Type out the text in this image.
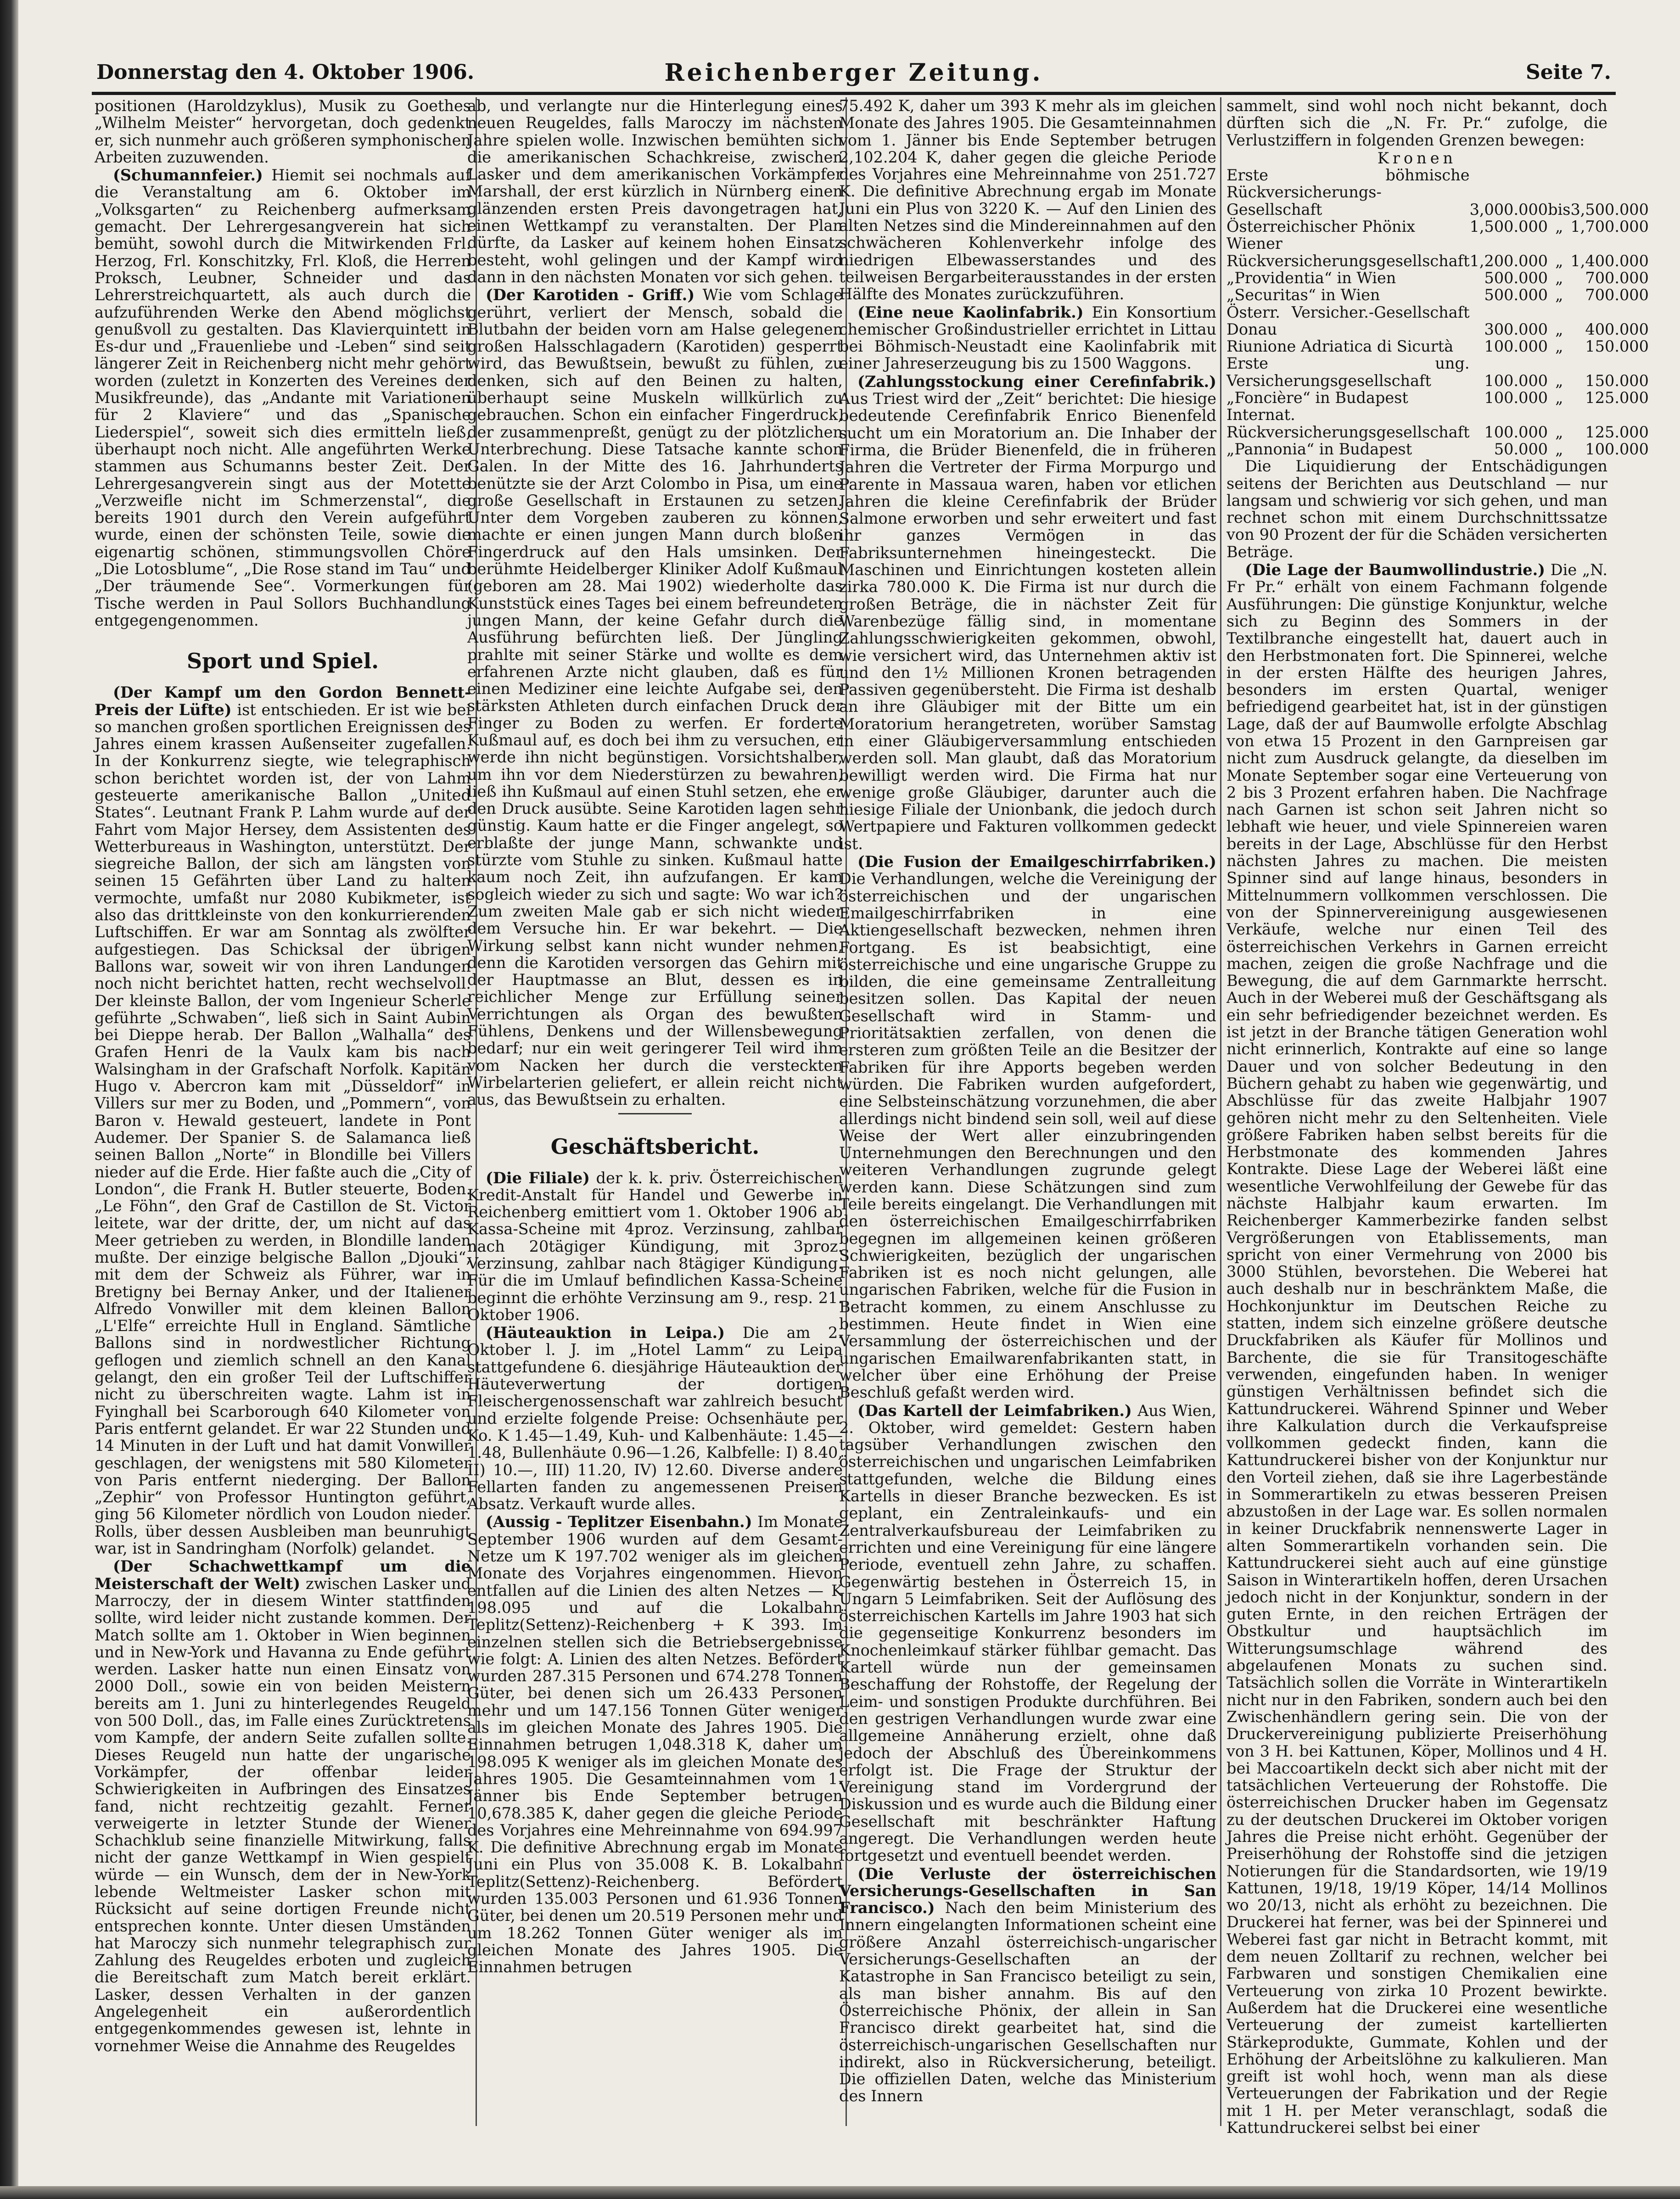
Donnerstag den 4. Oktober 1906.	Reichenberger Zeitung.	Seite 7.

positionen (Haroldzyklus), Musik zu Goethes „Wilhelm Meister“ hervorgetan, doch gedenkt er, sich nunmehr auch größeren symphonischen Arbeiten zuzuwenden.

(Schumannfeier.) Hiemit sei nochmals auf die Veranstaltung am 6. Oktober im „Volksgarten“ zu Reichenberg aufmerksam gemacht. Der Lehrergesangverein hat sich bemüht, sowohl durch die Mitwirkenden Frl. Herzog, Frl. Konschitzky, Frl. Kloß, die Herren Proksch, Leubner, Schneider und das Lehrerstreichquartett, als auch durch die aufzuführenden Werke den Abend möglichst genußvoll zu gestalten. Das Klavierquintett in Es-dur und „Frauenliebe und -Leben“ sind seit längerer Zeit in Reichenberg nicht mehr gehört worden (zuletzt in Konzerten des Vereines der Musikfreunde), das „Andante mit Variationen für 2 Klaviere“ und das „Spanische Liederspiel“, soweit sich dies ermitteln ließ, überhaupt noch nicht. Alle angeführten Werke stammen aus Schumanns bester Zeit. Der Lehrergesangverein singt aus der Motette „Verzweifle nicht im Schmerzenstal“, die bereits 1901 durch den Verein aufgeführt wurde, einen der schönsten Teile, sowie die eigenartig schönen, stimmungsvollen Chöre „Die Lotosblume“, „Die Rose stand im Tau“ und „Der träumende See“. Vormerkungen für Tische werden in Paul Sollors Buchhandlung entgegengenommen.

Sport und Spiel.

(Der Kampf um den Gordon Bennett-Preis der Lüfte) ist entschieden. Er ist wie bei so manchen großen sportlichen Ereignissen des Jahres einem krassen Außenseiter zugefallen. In der Konkurrenz siegte, wie telegraphisch schon berichtet worden ist, der von Lahm gesteuerte amerikanische Ballon „United States“. Leutnant Frank P. Lahm wurde auf der Fahrt vom Major Hersey, dem Assistenten des Wetterbureaus in Washington, unterstützt. Der siegreiche Ballon, der sich am längsten von seinen 15 Gefährten über Land zu halten vermochte, umfaßt nur 2080 Kubikmeter, ist also das drittkleinste von den konkurrierenden Luftschiffen. Er war am Sonntag als zwölfter aufgestiegen. Das Schicksal der übrigen Ballons war, soweit wir von ihren Landungen noch nicht berichtet hatten, recht wechselvoll. Der kleinste Ballon, der vom Ingenieur Scherle geführte „Schwaben“, ließ sich in Saint Aubin bei Dieppe herab. Der Ballon „Walhalla“ des Grafen Henri de la Vaulx kam bis nach Walsingham in der Grafschaft Norfolk. Kapitän Hugo v. Abercron kam mit „Düsseldorf“ in Villers sur mer zu Boden, und „Pommern“, von Baron v. Hewald gesteuert, landete in Pont Audemer. Der Spanier S. de Salamanca ließ seinen Ballon „Norte“ in Blondille bei Villers nieder auf die Erde. Hier faßte auch die „City of London“, die Frank H. Butler steuerte, Boden. „Le Föhn“, den Graf de Castillon de St. Victor leitete, war der dritte, der, um nicht auf das Meer getrieben zu werden, in Blondille landen mußte. Der einzige belgische Ballon „Djouki“, mit dem der Schweiz als Führer, war in Bretigny bei Bernay Anker, und der Italiener Alfredo Vonwiller mit dem kleinen Ballon „L'Elfe“ erreichte Hull in England. Sämtliche Ballons sind in nordwestlicher Richtung geflogen und ziemlich schnell an den Kanal gelangt, den ein großer Teil der Luftschiffer nicht zu überschreiten wagte. Lahm ist in Fyinghall bei Scarborough 640 Kilometer von Paris entfernt gelandet. Er war 22 Stunden und 14 Minuten in der Luft und hat damit Vonwiller geschlagen, der wenigstens mit 580 Kilometer von Paris entfernt niederging. Der Ballon „Zephir“ von Professor Huntington geführt, ging 56 Kilometer nördlich von Loudon nieder. Rolls, über dessen Ausbleiben man beunruhigt war, ist in Sandringham (Norfolk) gelandet.

(Der Schachwettkampf um die Meisterschaft der Welt) zwischen Lasker und Marroczy, der in diesem Winter stattfinden sollte, wird leider nicht zustande kommen. Der Match sollte am 1. Oktober in Wien beginnen und in New-York und Havanna zu Ende geführt werden. Lasker hatte nun einen Einsatz von 2000 Doll., sowie ein von beiden Meistern bereits am 1. Juni zu hinterlegendes Reugeld von 500 Doll., das, im Falle eines Zurücktretens vom Kampfe, der andern Seite zufallen sollte. Dieses Reugeld nun hatte der ungarische Vorkämpfer, der offenbar leider Schwierigkeiten in Aufbringen des Einsatzes fand, nicht rechtzeitig gezahlt. Ferner verweigerte in letzter Stunde der Wiener Schachklub seine finanzielle Mitwirkung, falls nicht der ganze Wettkampf in Wien gespielt würde — ein Wunsch, dem der in New-York lebende Weltmeister Lasker schon mit Rücksicht auf seine dortigen Freunde nicht entsprechen konnte. Unter diesen Umständen hat Maroczy sich nunmehr telegraphisch zur Zahlung des Reugeldes erboten und zugleich die Bereitschaft zum Match bereit erklärt. Lasker, dessen Verhalten in der ganzen Angelegenheit ein außerordentlich entgegenkommendes gewesen ist, lehnte in vornehmer Weise die Annahme des Reugeldes

ab, und verlangte nur die Hinterlegung eines neuen Reugeldes, falls Maroczy im nächsten Jahre spielen wolle. Inzwischen bemühten sich die amerikanischen Schachkreise, zwischen Lasker und dem amerikanischen Vorkämpfer Marshall, der erst kürzlich in Nürnberg einen glänzenden ersten Preis davongetragen hat, einen Wettkampf zu veranstalten. Der Plan dürfte, da Lasker auf keinem hohen Einsatz besteht, wohl gelingen und der Kampf wird dann in den nächsten Monaten vor sich gehen.

(Der Karotiden - Griff.) Wie vom Schlage gerührt, verliert der Mensch, sobald die Blutbahn der beiden vorn am Halse gelegenen großen Halsschlagadern (Karotiden) gesperrt wird, das Bewußtsein, bewußt zu fühlen, zu denken, sich auf den Beinen zu halten, überhaupt seine Muskeln willkürlich zu gebrauchen. Schon ein einfacher Fingerdruck, der zusammenpreßt, genügt zu der plötzlichen Unterbrechung. Diese Tatsache kannte schon Galen. In der Mitte des 16. Jahrhunderts benützte sie der Arzt Colombo in Pisa, um eine große Gesellschaft in Erstaunen zu setzen. Unter dem Vorgeben zauberen zu können, machte er einen jungen Mann durch bloßen Fingerdruck auf den Hals umsinken. Der berühmte Heidelberger Kliniker Adolf Kußmaul (geboren am 28. Mai 1902) wiederholte das Kunststück eines Tages bei einem befreundeten jungen Mann, der keine Gefahr durch die Ausführung befürchten ließ. Der Jüngling prahlte mit seiner Stärke und wollte es dem erfahrenen Arzte nicht glauben, daß es für einen Mediziner eine leichte Aufgabe sei, den stärksten Athleten durch einfachen Druck der Finger zu Boden zu werfen. Er forderte Kußmaul auf, es doch bei ihm zu versuchen, er werde ihn nicht begünstigen. Vorsichtshalber, um ihn vor dem Niederstürzen zu bewahren, ließ ihn Kußmaul auf einen Stuhl setzen, ehe er den Druck ausübte. Seine Karotiden lagen sehr günstig. Kaum hatte er die Finger angelegt, so erblaßte der junge Mann, schwankte und stürzte vom Stuhle zu sinken. Kußmaul hatte kaum noch Zeit, ihn aufzufangen. Er kam sogleich wieder zu sich und sagte: Wo war ich? Zum zweiten Male gab er sich nicht wieder dem Versuche hin. Er war bekehrt. — Die Wirkung selbst kann nicht wunder nehmen, denn die Karotiden versorgen das Gehirn mit der Hauptmasse an Blut, dessen es in reichlicher Menge zur Erfüllung seiner Verrichtungen als Organ des bewußten Fühlens, Denkens und der Willensbewegung bedarf; nur ein weit geringerer Teil wird ihm vom Nacken her durch die versteckten Wirbelarterien geliefert, er allein reicht nicht aus, das Bewußtsein zu erhalten.

Geschäftsbericht.

(Die Filiale) der k. k. priv. Österreichischen Kredit-Anstalt für Handel und Gewerbe in Reichenberg emittiert vom 1. Oktober 1906 ab Kassa-Scheine mit 4proz. Verzinsung, zahlbar nach 20tägiger Kündigung, mit 3proz. Verzinsung, zahlbar nach 8tägiger Kündigung. Für die im Umlauf befindlichen Kassa-Scheine beginnt die erhöhte Verzinsung am 9., resp. 21. Oktober 1906.

(Häuteauktion in Leipa.) Die am 2. Oktober l. J. im „Hotel Lamm“ zu Leipa stattgefundene 6. diesjährige Häuteauktion der Häuteverwertung der dortigen Fleischergenossenschaft war zahlreich besucht und erzielte folgende Preise: Ochsenhäute per Ko. K 1.45—1.49, Kuh- und Kalbenhäute: 1.45—1.48, Bullenhäute 0.96—1.26, Kalbfelle: I) 8.40, II) 10.—, III) 11.20, IV) 12.60. Diverse andere Fellarten fanden zu angemessenen Preisen Absatz. Verkauft wurde alles.

(Aussig - Teplitzer Eisenbahn.) Im Monate September 1906 wurden auf dem Gesamt-Netze um K 197.702 weniger als im gleichen Monate des Vorjahres eingenommen. Hievon entfallen auf die Linien des alten Netzes — K 198.095 und auf die Lokalbahn Teplitz(Settenz)-Reichenberg + K 393. Im einzelnen stellen sich die Betriebsergebnisse wie folgt: A. Linien des alten Netzes. Befördert wurden 287.315 Personen und 674.278 Tonnen Güter, bei denen sich um 26.433 Personen mehr und um 147.156 Tonnen Güter weniger als im gleichen Monate des Jahres 1905. Die Einnahmen betrugen 1,048.318 K, daher um 198.095 K weniger als im gleichen Monate des Jahres 1905. Die Gesamteinnahmen vom 1. Jänner bis Ende September betrugen 10,678.385 K, daher gegen die gleiche Periode des Vorjahres eine Mehreinnahme von 694.997 K. Die definitive Abrechnung ergab im Monate Juni ein Plus von 35.008 K. B. Lokalbahn Teplitz(Settenz)-Reichenberg. Befördert wurden 135.003 Personen und 61.936 Tonnen Güter, bei denen um 20.519 Personen mehr und um 18.262 Tonnen Güter weniger als im gleichen Monate des Jahres 1905. Die Einnahmen betrugen

75.492 K, daher um 393 K mehr als im gleichen Monate des Jahres 1905. Die Gesamteinnahmen vom 1. Jänner bis Ende September betrugen 2,102.204 K, daher gegen die gleiche Periode des Vorjahres eine Mehreinnahme von 251.727 K. Die definitive Abrechnung ergab im Monate Juni ein Plus von 3220 K. — Auf den Linien des alten Netzes sind die Mindereinnahmen auf den schwächeren Kohlenverkehr infolge des niedrigen Elbewasserstandes und des teilweisen Bergarbeiterausstandes in der ersten Hälfte des Monates zurückzuführen.

(Eine neue Kaolinfabrik.) Ein Konsortium chemischer Großindustrieller errichtet in Littau bei Böhmisch-Neustadt eine Kaolinfabrik mit einer Jahreserzeugung bis zu 1500 Waggons.

(Zahlungsstockung einer Cerefinfabrik.) Aus Triest wird der „Zeit“ berichtet: Die hiesige bedeutende Cerefinfabrik Enrico Bienenfeld sucht um ein Moratorium an. Die Inhaber der Firma, die Brüder Bienenfeld, die in früheren Jahren die Vertreter der Firma Morpurgo und Parente in Massaua waren, haben vor etlichen Jahren die kleine Cerefinfabrik der Brüder Salmone erworben und sehr erweitert und fast ihr ganzes Vermögen in das Fabriksunternehmen hineingesteckt. Die Maschinen und Einrichtungen kosteten allein zirka 780.000 K. Die Firma ist nur durch die großen Beträge, die in nächster Zeit für Warenbezüge fällig sind, in momentane Zahlungsschwierigkeiten gekommen, obwohl, wie versichert wird, das Unternehmen aktiv ist und den 1½ Millionen Kronen betragenden Passiven gegenübersteht. Die Firma ist deshalb an ihre Gläubiger mit der Bitte um ein Moratorium herangetreten, worüber Samstag in einer Gläubigerversammlung entschieden werden soll. Man glaubt, daß das Moratorium bewilligt werden wird. Die Firma hat nur wenige große Gläubiger, darunter auch die hiesige Filiale der Unionbank, die jedoch durch Wertpapiere und Fakturen vollkommen gedeckt ist.

(Die Fusion der Emailgeschirrfabriken.) Die Verhandlungen, welche die Vereinigung der österreichischen und der ungarischen Emailgeschirrfabriken in eine Aktiengesellschaft bezwecken, nehmen ihren Fortgang. Es ist beabsichtigt, eine österreichische und eine ungarische Gruppe zu bilden, die eine gemeinsame Zentralleitung besitzen sollen. Das Kapital der neuen Gesellschaft wird in Stamm- und Prioritätsaktien zerfallen, von denen die ersteren zum größten Teile an die Besitzer der Fabriken für ihre Apports begeben werden würden. Die Fabriken wurden aufgefordert, eine Selbsteinschätzung vorzunehmen, die aber allerdings nicht bindend sein soll, weil auf diese Weise der Wert aller einzubringenden Unternehmungen den Berechnungen und den weiteren Verhandlungen zugrunde gelegt werden kann. Diese Schätzungen sind zum Teile bereits eingelangt. Die Verhandlungen mit den österreichischen Emailgeschirrfabriken begegnen im allgemeinen keinen größeren Schwierigkeiten, bezüglich der ungarischen Fabriken ist es noch nicht gelungen, alle ungarischen Fabriken, welche für die Fusion in Betracht kommen, zu einem Anschlusse zu bestimmen. Heute findet in Wien eine Versammlung der österreichischen und der ungarischen Emailwarenfabrikanten statt, in welcher über eine Erhöhung der Preise Beschluß gefaßt werden wird.

(Das Kartell der Leimfabriken.) Aus Wien, 2. Oktober, wird gemeldet: Gestern haben tagsüber Verhandlungen zwischen den österreichischen und ungarischen Leimfabriken stattgefunden, welche die Bildung eines Kartells in dieser Branche bezwecken. Es ist geplant, ein Zentraleinkaufs- und ein Zentralverkaufsbureau der Leimfabriken zu errichten und eine Vereinigung für eine längere Periode, eventuell zehn Jahre, zu schaffen. Gegenwärtig bestehen in Österreich 15, in Ungarn 5 Leimfabriken. Seit der Auflösung des österreichischen Kartells im Jahre 1903 hat sich die gegenseitige Konkurrenz besonders im Knochenleimkauf stärker fühlbar gemacht. Das Kartell würde nun der gemeinsamen Beschaffung der Rohstoffe, der Regelung der Leim- und sonstigen Produkte durchführen. Bei den gestrigen Verhandlungen wurde zwar eine allgemeine Annäherung erzielt, ohne daß jedoch der Abschluß des Übereinkommens erfolgt ist. Die Frage der Struktur der Vereinigung stand im Vordergrund der Diskussion und es wurde auch die Bildung einer Gesellschaft mit beschränkter Haftung angeregt. Die Verhandlungen werden heute fortgesetzt und eventuell beendet werden.

(Die Verluste der österreichischen Versicherungs-Gesellschaften in San Francisco.) Nach den beim Ministerium des Innern eingelangten Informationen scheint eine größere Anzahl österreichisch-ungarischer Versicherungs-Gesellschaften an der Katastrophe in San Francisco beteiligt zu sein, als man bisher annahm. Bis auf den Österreichische Phönix, der allein in San Francisco direkt gearbeitet hat, sind die österreichisch-ungarischen Gesellschaften nur indirekt, also in Rückversicherung, beteiligt. Die offiziellen Daten, welche das Ministerium des Innern

sammelt, sind wohl noch nicht bekannt, doch dürften sich die „N. Fr. Pr.“ zufolge, die Verlustziffern in folgenden Grenzen bewegen:

Kronen
Erste böhmische Rückversicherungs-Gesellschaft	3,000.000	bis	3,500.000
Österreichischer Phönix	1,500.000	„	1,700.000
Wiener Rückversicherungsgesellschaft	1,200.000	„	1,400.000
„Providentia“ in Wien	500.000	„	700.000
„Securitas“ in Wien	500.000	„	700.000
Österr. Versicher.-Gesellschaft Donau	300.000	„	400.000
Riunione Adriatica di Sicurtà	100.000	„	150.000
Erste ung. Versicherungsgesellschaft	100.000	„	150.000
„Foncière“ in Budapest	100.000	„	125.000
Internat. Rückversicherungsgesellschaft	100.000	„	125.000
„Pannonia“ in Budapest	50.000	„	100.000

Die Liquidierung der Entschädigungen seitens der Berichten aus Deutschland — nur langsam und schwierig vor sich gehen, und man rechnet schon mit einem Durchschnittssatze von 90 Prozent der für die Schäden versicherten Beträge.

(Die Lage der Baumwollindustrie.) Die „N. Fr Pr.“ erhält von einem Fachmann folgende Ausführungen: Die günstige Konjunktur, welche sich zu Beginn des Sommers in der Textilbranche eingestellt hat, dauert auch in den Herbstmonaten fort. Die Spinnerei, welche in der ersten Hälfte des heurigen Jahres, besonders im ersten Quartal, weniger befriedigend gearbeitet hat, ist in der günstigen Lage, daß der auf Baumwolle erfolgte Abschlag von etwa 15 Prozent in den Garnpreisen gar nicht zum Ausdruck gelangte, da dieselben im Monate September sogar eine Verteuerung von 2 bis 3 Prozent erfahren haben. Die Nachfrage nach Garnen ist schon seit Jahren nicht so lebhaft wie heuer, und viele Spinnereien waren bereits in der Lage, Abschlüsse für den Herbst nächsten Jahres zu machen. Die meisten Spinner sind auf lange hinaus, besonders in Mittelnummern vollkommen verschlossen. Die von der Spinnervereinigung ausgewiesenen Verkäufe, welche nur einen Teil des österreichischen Verkehrs in Garnen erreicht machen, zeigen die große Nachfrage und die Bewegung, die auf dem Garnmarkte herrscht. Auch in der Weberei muß der Geschäftsgang als ein sehr befriedigender bezeichnet werden. Es ist jetzt in der Branche tätigen Generation wohl nicht erinnerlich, Kontrakte auf eine so lange Dauer und von solcher Bedeutung in den Büchern gehabt zu haben wie gegenwärtig, und Abschlüsse für das zweite Halbjahr 1907 gehören nicht mehr zu den Seltenheiten. Viele größere Fabriken haben selbst bereits für die Herbstmonate des kommenden Jahres Kontrakte. Diese Lage der Weberei läßt eine wesentliche Verwohlfeilung der Gewebe für das nächste Halbjahr kaum erwarten. Im Reichenberger Kammerbezirke fanden selbst Vergrößerungen von Etablissements, man spricht von einer Vermehrung von 2000 bis 3000 Stühlen, bevorstehen. Die Weberei hat auch deshalb nur in beschränktem Maße, die Hochkonjunktur im Deutschen Reiche zu statten, indem sich einzelne größere deutsche Druckfabriken als Käufer für Mollinos und Barchente, die sie für Transitogeschäfte verwenden, eingefunden haben. In weniger günstigen Verhältnissen befindet sich die Kattundruckerei. Während Spinner und Weber ihre Kalkulation durch die Verkaufspreise vollkommen gedeckt finden, kann die Kattundruckerei bisher von der Konjunktur nur den Vorteil ziehen, daß sie ihre Lagerbestände in Sommerartikeln zu etwas besseren Preisen abzustoßen in der Lage war. Es sollen normalen in keiner Druckfabrik nennenswerte Lager in alten Sommerartikeln vorhanden sein. Die Kattundruckerei sieht auch auf eine günstige Saison in Winterartikeln hoffen, deren Ursachen jedoch nicht in der Konjunktur, sondern in der guten Ernte, in den reichen Erträgen der Obstkultur und hauptsächlich im Witterungsumschlage während des abgelaufenen Monats zu suchen sind. Tatsächlich sollen die Vorräte in Winterartikeln nicht nur in den Fabriken, sondern auch bei den Zwischenhändlern gering sein. Die von der Druckervereinigung publizierte Preiserhöhung von 3 H. bei Kattunen, Köper, Mollinos und 4 H. bei Maccoartikeln deckt sich aber nicht mit der tatsächlichen Verteuerung der Rohstoffe. Die österreichischen Drucker haben im Gegensatz zu der deutschen Druckerei im Oktober vorigen Jahres die Preise nicht erhöht. Gegenüber der Preiserhöhung der Rohstoffe sind die jetzigen Notierungen für die Standardsorten, wie 19/19 Kattunen, 19/18, 19/19 Köper, 14/14 Mollinos wo 20/13, nicht als erhöht zu bezeichnen. Die Druckerei hat ferner, was bei der Spinnerei und Weberei fast gar nicht in Betracht kommt, mit dem neuen Zolltarif zu rechnen, welcher bei Farbwaren und sonstigen Chemikalien eine Verteuerung von zirka 10 Prozent bewirkte. Außerdem hat die Druckerei eine wesentliche Verteuerung der zumeist kartellierten Stärkeprodukte, Gummate, Kohlen und der Erhöhung der Arbeitslöhne zu kalkulieren. Man greift ist wohl hoch, wenn man als diese Verteuerungen der Fabrikation und der Regie mit 1 H. per Meter veranschlagt, sodaß die Kattundruckerei selbst bei einer
